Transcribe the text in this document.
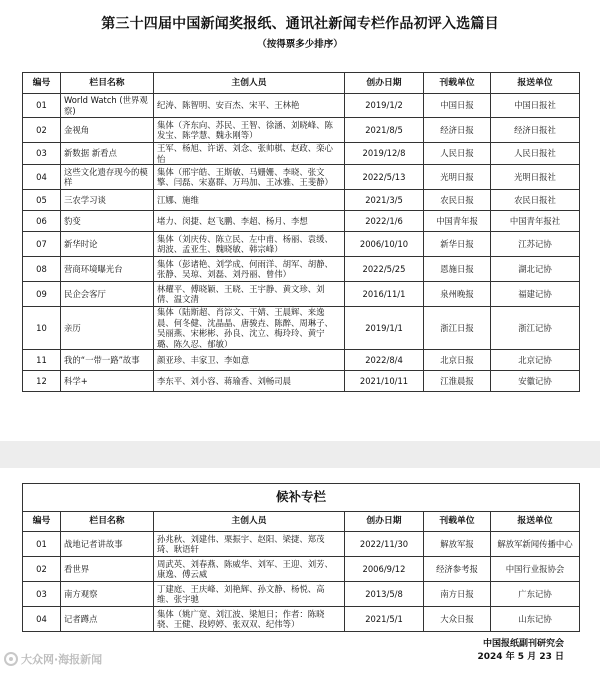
第三十四届中国新闻奖报纸、通讯社新闻专栏作品初评入选篇目
（按得票多少排序）
编号	栏目名称	主创人员	创办日期	刊载单位	报送单位
01	World Watch (世界观察)	纪涛、陈智明、安百杰、宋平、王林艳	2019/1/2	中国日报	中国日报社
02	金视角	集体（齐东向、苏民、王智、徐涵、刘晓峰、陈发宝、陈学慧、魏永刚等）	2021/8/5	经济日报	经济日报社
03	新数据 新看点	王军、杨旭、许诺、刘念、张帅棋、赵政、栾心怡	2019/12/8	人民日报	人民日报社
04	这些文化遗存现今的模样	集体（邢宇皓、王斯敏、马姗姗、李晓、张文擎、闫磊、宋嘉群、万玛加、王冰雅、王斐静）	2022/5/13	光明日报	光明日报社
05	三农学习谈	江娜、施维	2021/3/5	农民日报	农民日报社
06	豹变	堵力、闵捷、赵飞鹏、李超、杨月、李想	2022/1/6	中国青年报	中国青年报社
07	新华时论	集体（刘庆传、陈立民、左中甫、杨丽、袁缓、胡波、孟亚生、魏晓敏、韩宗峰）	2006/10/10	新华日报	江苏记协
08	营商环境曝光台	集体（彭诸艳、刘学成、何雨洋、胡军、胡静、张静、吴琼、刘磊、刘丹丽、曾伟）	2022/5/25	恩施日报	湖北记协
09	民企会客厅	林耀平、傅晓颖、王晓、王宇静、黄文珍、刘倩、温文清	2016/11/1	泉州晚报	福建记协
10	亲历	集体（陆斯超、肖淙文、干婧、王晨辉、来逸晨、何冬健、沈晶晶、唐骏垚、陈醉、周琳子、吴丽燕、宋彬彬、孙良、沈立、梅玲玲、黄宁璐、陈久忍、郁敏）	2019/1/1	浙江日报	浙江记协
11	我的“一带一路”故事	颜亚珍、丰家卫、李如意	2022/8/4	北京日报	北京记协
12	科学+	李东平、刘小容、蒋瑜香、刘畅司晨	2021/10/11	江淮晨报	安徽记协
候补专栏					
编号	栏目名称	主创人员	创办日期	刊载单位	报送单位
01	战地记者讲故事	孙兆秋、刘建伟、栗振宇、赵阳、梁捷、郑茂琦、耿语轩	2022/11/30	解放军报	解放军新闻传播中心
02	看世界	周武英、刘春燕、陈威华、刘军、王迎、刘芳、康逸、傅云威	2006/9/12	经济参考报	中国行业报协会
03	南方观察	丁建庭、王庆峰、刘艳辉、孙文静、杨悦、高维、张宇驰	2013/5/8	南方日报	广东记协
04	记者蹲点	集体（姚广宽、刘江波、梁旭日；作者：陈晓骁、王健、段婷婷、张双双、纪伟等）	2021/5/1	大众日报	山东记协
中国报纸副刊研究会
2024 年 5 月 23 日
大众网·海报新闻
